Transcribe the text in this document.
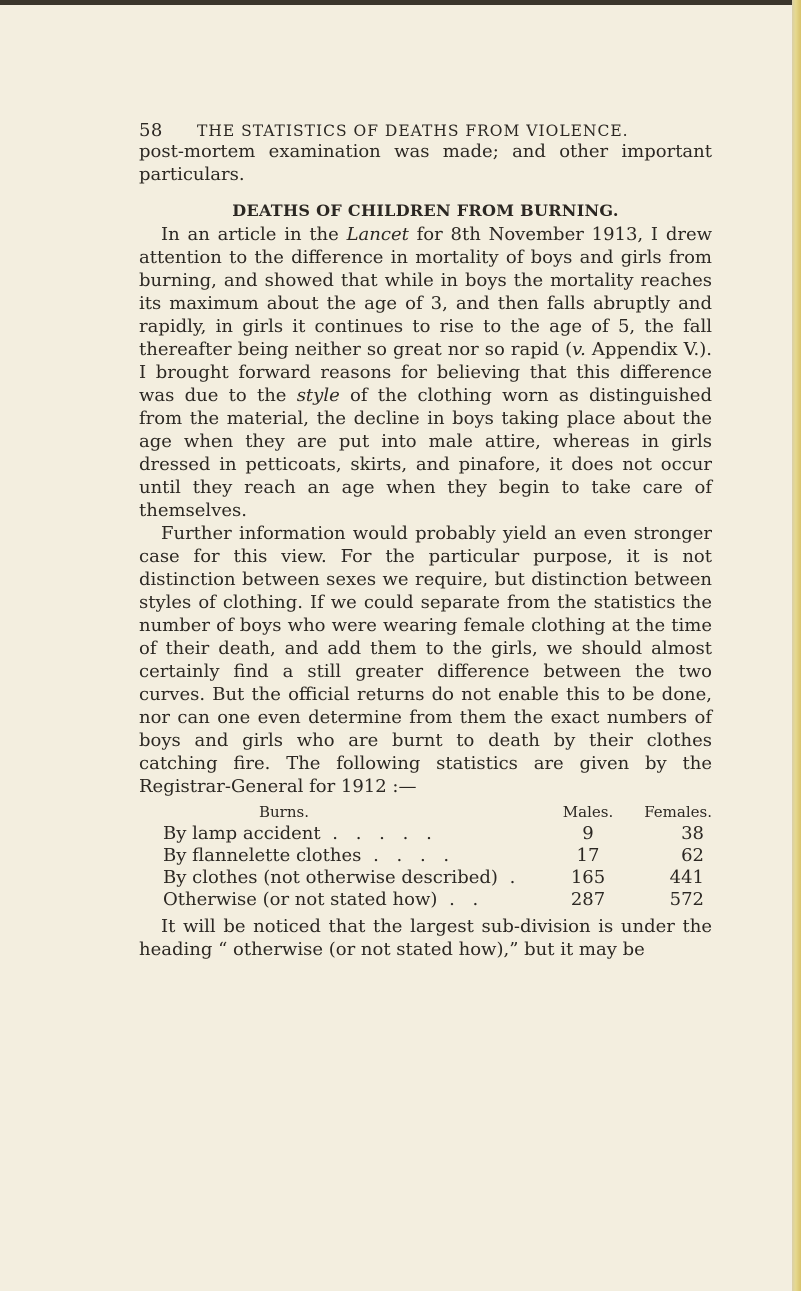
58 THE STATISTICS OF DEATHS FROM VIOLENCE.

post-mortem examination was made; and other important particulars.

DEATHS OF CHILDREN FROM BURNING.

In an article in the Lancet for 8th November 1913, I drew attention to the difference in mortality of boys and girls from burning, and showed that while in boys the mortality reaches its maximum about the age of 3, and then falls abruptly and rapidly, in girls it continues to rise to the age of 5, the fall thereafter being neither so great nor so rapid (v. Appendix V.). I brought forward reasons for believing that this difference was due to the style of the clothing worn as distinguished from the material, the decline in boys taking place about the age when they are put into male attire, whereas in girls dressed in petticoats, skirts, and pinafore, it does not occur until they reach an age when they begin to take care of themselves.

Further information would probably yield an even stronger case for this view. For the particular purpose, it is not distinction between sexes we require, but distinction between styles of clothing. If we could separate from the statistics the number of boys who were wearing female clothing at the time of their death, and add them to the girls, we should almost certainly find a still greater difference between the two curves. But the official returns do not enable this to be done, nor can one even determine from them the exact numbers of boys and girls who are burnt to death by their clothes catching fire. The following statistics are given by the Registrar-General for 1912 :—

Burns.	Males.	Females.
By lamp accident . . . . .	9	38
By flannelette clothes . . . .	17	62
By clothes (not otherwise described) .	165	441
Otherwise (or not stated how) . .	287	572

It will be noticed that the largest sub-division is under the heading “ otherwise (or not stated how),” but it may be
